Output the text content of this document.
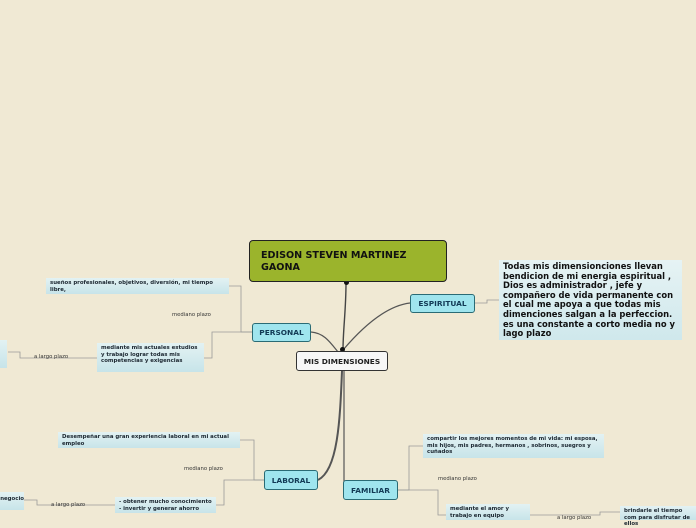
EDISON STEVEN MARTINEZ GAONA
MIS DIMENSIONES
ESPIRITUAL
PERSONAL
LABORAL
FAMILIAR
Todas mis dimensionciones llevan bendicion de mi energia espiritual , Dios es administrador , jefe y compañero de vida permanente con el cual me apoya a que todas mis dimenciones salgan a la perfeccion. es una constante a corto media no y lago plazo
sueños profesionales, objetivos, diversión, mi tiempo libre,
mediano plazo
mediante mis actuales estudios y trabajo lograr todas mis competencias y exigencias
a largo plazo
Desempeñar una gran experiencia laboral en mi actual empleo
mediano plazo
- obtener mucho conocimiento - invertir y generar ahorro
a largo plazo
negocio
compartir los mejores momentos de mi vida: mi esposa, mis hijos, mis padres, hermanos , sobrinos, suegros y cuñados
mediano plazo
mediante el amor y trabajo en equipo	a largo plazo
brindarle el tiempo com para disfrutar de ellos
